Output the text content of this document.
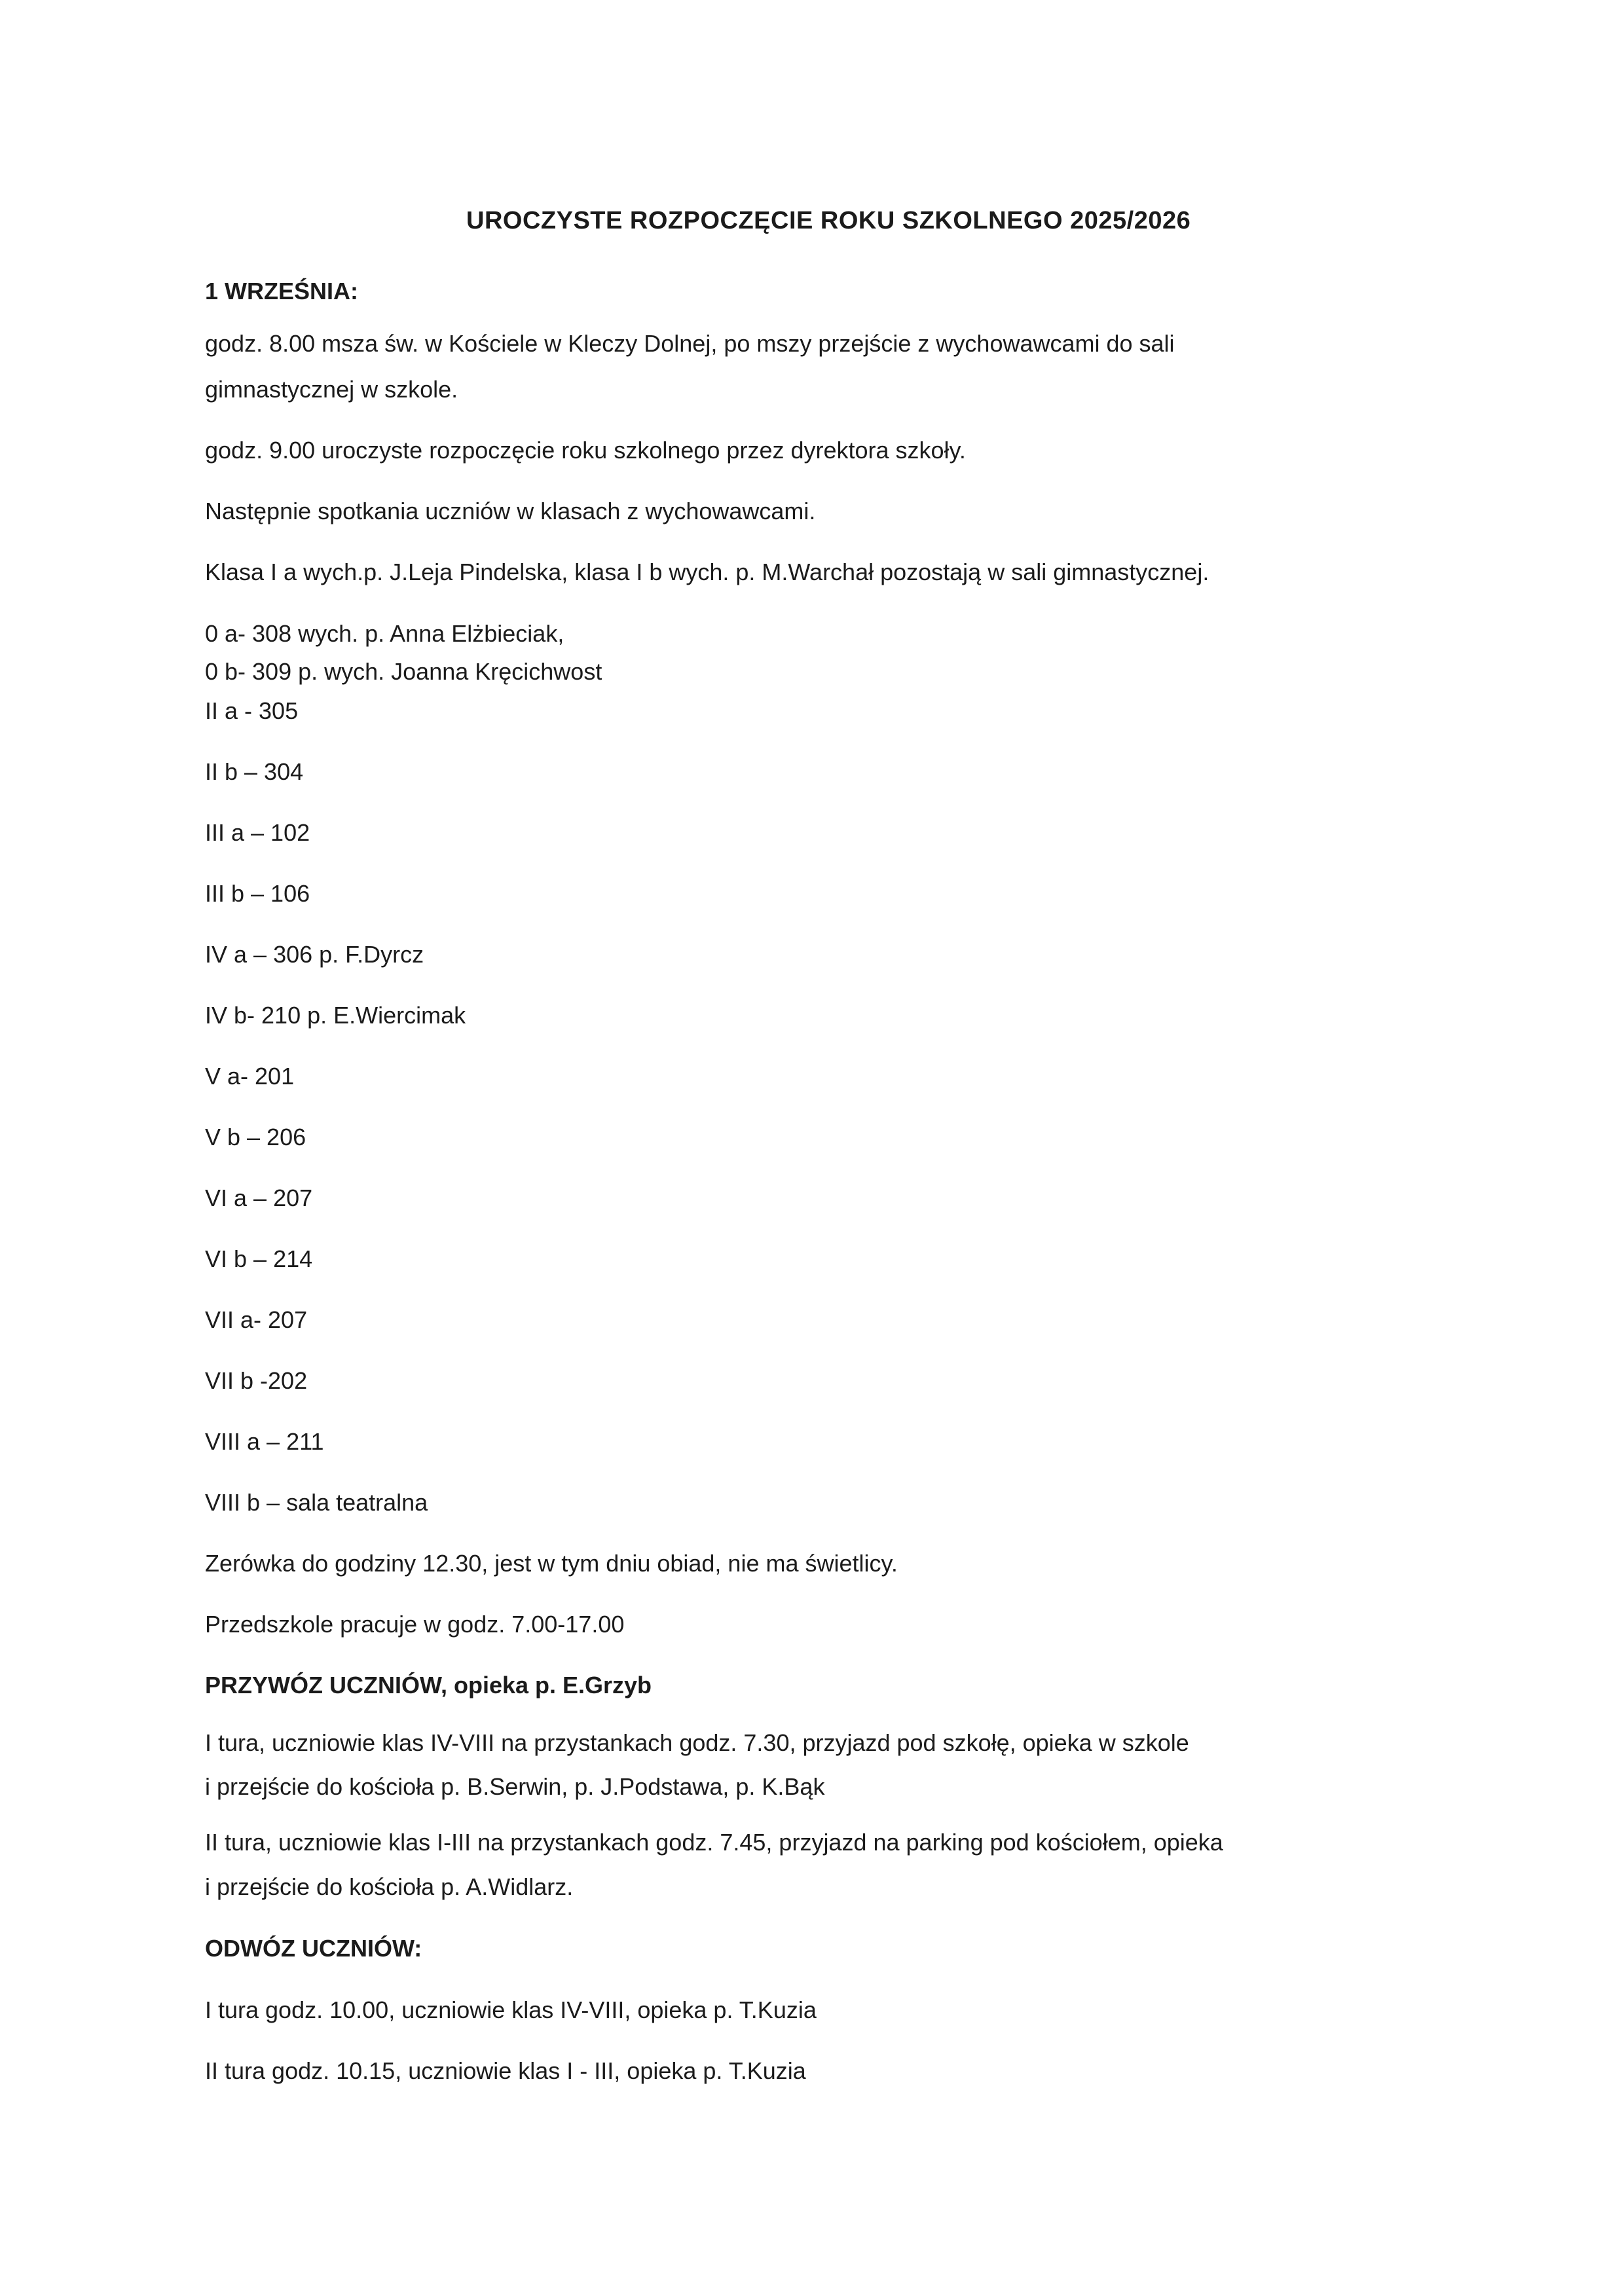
UROCZYSTE ROZPOCZĘCIE ROKU SZKOLNEGO 2025/2026

1 WRZEŚNIA:

godz. 8.00 msza św. w Kościele w Kleczy Dolnej, po mszy przejście z wychowawcami do sali

gimnastycznej w szkole.

godz. 9.00 uroczyste rozpoczęcie roku szkolnego przez dyrektora szkoły.

Następnie spotkania uczniów w klasach z wychowawcami.

Klasa I a wych.p. J.Leja Pindelska, klasa I b wych. p. M.Warchał pozostają w sali gimnastycznej.

0 a- 308 wych. p. Anna Elżbieciak,

0 b- 309 p. wych. Joanna Kręcichwost

II a - 305

II b – 304

III a – 102

III b – 106

IV a – 306 p. F.Dyrcz

IV b- 210 p. E.Wiercimak

V a- 201

V b – 206

VI a – 207

VI b – 214

VII a- 207

VII b -202

VIII a – 211

VIII b – sala teatralna

Zerówka do godziny 12.30, jest w tym dniu obiad, nie ma świetlicy.

Przedszkole pracuje w godz. 7.00-17.00

PRZYWÓZ UCZNIÓW, opieka p. E.Grzyb

I tura, uczniowie klas IV-VIII na przystankach godz. 7.30, przyjazd pod szkołę, opieka w szkole

i przejście do kościoła p. B.Serwin, p. J.Podstawa, p. K.Bąk

II tura, uczniowie klas I-III na przystankach godz. 7.45, przyjazd na parking pod kościołem, opieka

i przejście do kościoła p. A.Widlarz.

ODWÓZ UCZNIÓW:

I tura godz. 10.00, uczniowie klas IV-VIII, opieka p. T.Kuzia

II tura godz. 10.15, uczniowie klas I - III, opieka p. T.Kuzia
